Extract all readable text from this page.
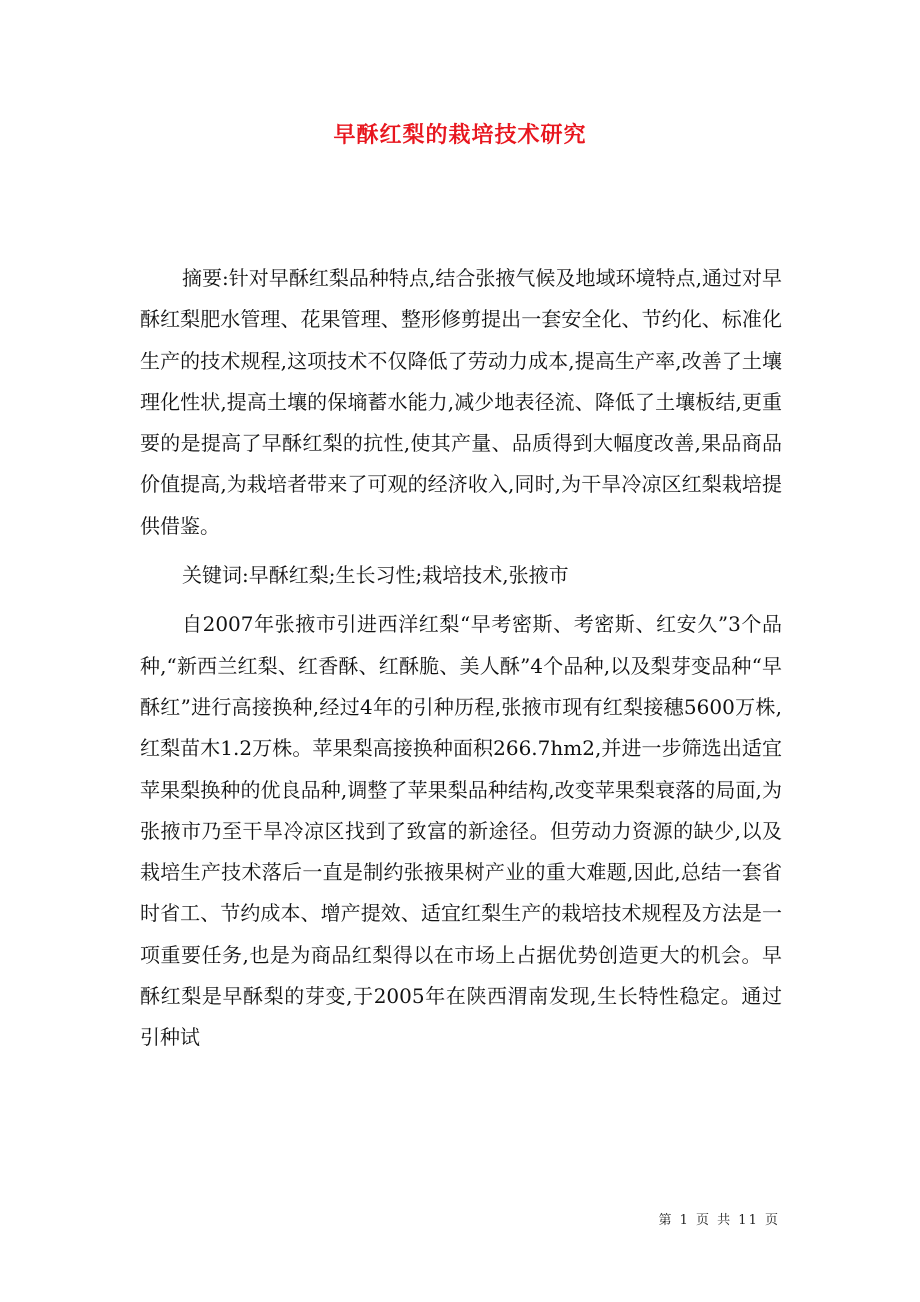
早酥红梨的栽培技术研究

摘要:针对早酥红梨品种特点,结合张掖气候及地域环境特点,通过对早酥红梨肥水管理、花果管理、整形修剪提出一套安全化、节约化、标准化生产的技术规程,这项技术不仅降低了劳动力成本,提高生产率,改善了土壤理化性状,提高土壤的保墒蓄水能力,减少地表径流、降低了土壤板结,更重要的是提高了早酥红梨的抗性,使其产量、品质得到大幅度改善,果品商品价值提高,为栽培者带来了可观的经济收入,同时,为干旱冷凉区红梨栽培提供借鉴。

关键词:早酥红梨;生长习性;栽培技术,张掖市

自2007年张掖市引进西洋红梨“早考密斯、考密斯、红安久”3个品种,“新西兰红梨、红香酥、红酥脆、美人酥”4个品种,以及梨芽变品种“早酥红”进行高接换种,经过4年的引种历程,张掖市现有红梨接穗5600万株,红梨苗木1.2万株。苹果梨高接换种面积266.7hm2,并进一步筛选出适宜苹果梨换种的优良品种,调整了苹果梨品种结构,改变苹果梨衰落的局面,为张掖市乃至干旱冷凉区找到了致富的新途径。但劳动力资源的缺少,以及栽培生产技术落后一直是制约张掖果树产业的重大难题,因此,总结一套省时省工、节约成本、增产提效、适宜红梨生产的栽培技术规程及方法是一项重要任务,也是为商品红梨得以在市场上占据优势创造更大的机会。早酥红梨是早酥梨的芽变,于2005年在陕西渭南发现,生长特性稳定。通过引种试

第 1 页 共 11 页
